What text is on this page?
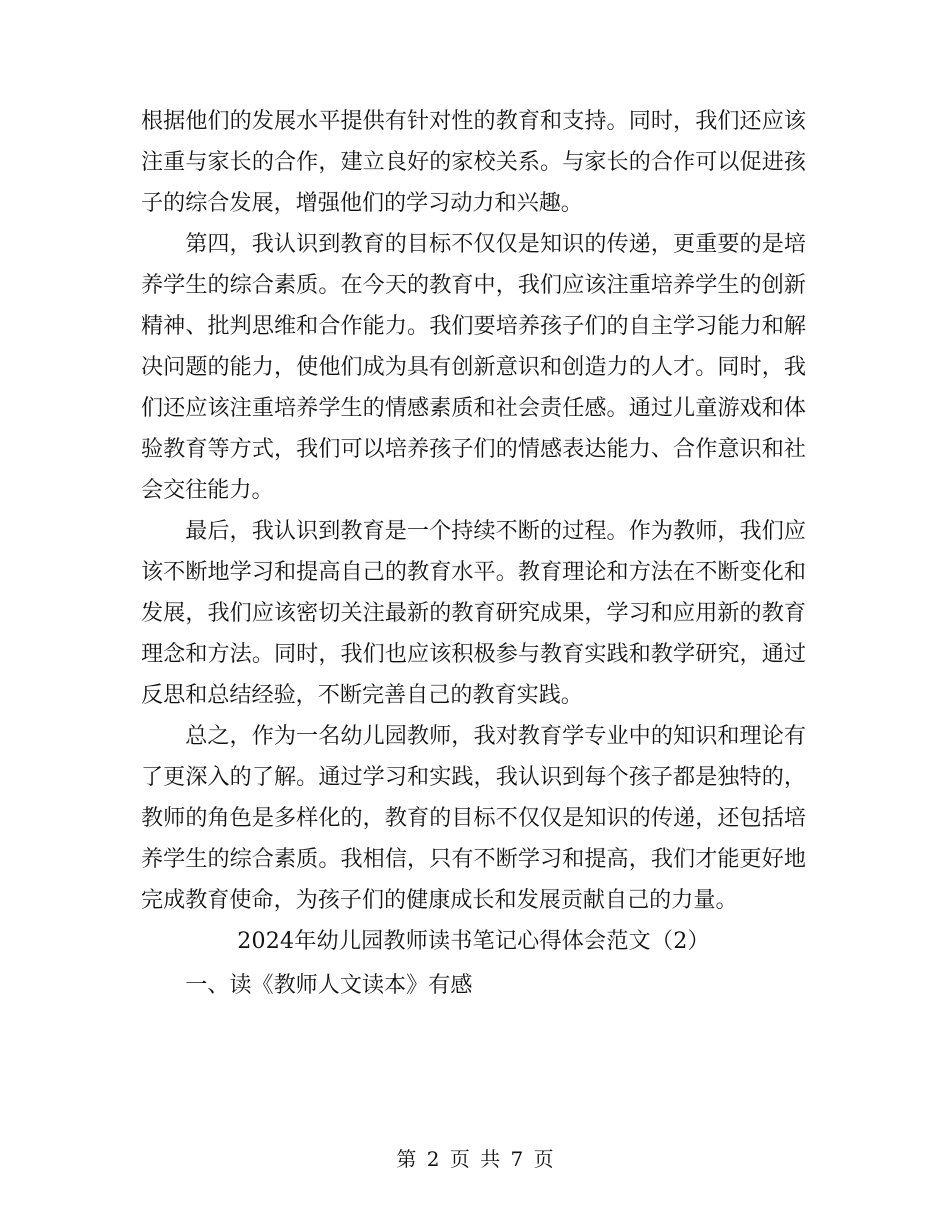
根据他们的发展水平提供有针对性的教育和支持。同时，我们还应该注重与家长的合作，建立良好的家校关系。与家长的合作可以促进孩子的综合发展，增强他们的学习动力和兴趣。

第四，我认识到教育的目标不仅仅是知识的传递，更重要的是培养学生的综合素质。在今天的教育中，我们应该注重培养学生的创新精神、批判思维和合作能力。我们要培养孩子们的自主学习能力和解决问题的能力，使他们成为具有创新意识和创造力的人才。同时，我们还应该注重培养学生的情感素质和社会责任感。通过儿童游戏和体验教育等方式，我们可以培养孩子们的情感表达能力、合作意识和社会交往能力。

最后，我认识到教育是一个持续不断的过程。作为教师，我们应该不断地学习和提高自己的教育水平。教育理论和方法在不断变化和发展，我们应该密切关注最新的教育研究成果，学习和应用新的教育理念和方法。同时，我们也应该积极参与教育实践和教学研究，通过反思和总结经验，不断完善自己的教育实践。

总之，作为一名幼儿园教师，我对教育学专业中的知识和理论有了更深入的了解。通过学习和实践，我认识到每个孩子都是独特的，教师的角色是多样化的，教育的目标不仅仅是知识的传递，还包括培养学生的综合素质。我相信，只有不断学习和提高，我们才能更好地完成教育使命，为孩子们的健康成长和发展贡献自己的力量。

2024年幼儿园教师读书笔记心得体会范文（2）

一、读《教师人文读本》有感

第 2 页 共 7 页
